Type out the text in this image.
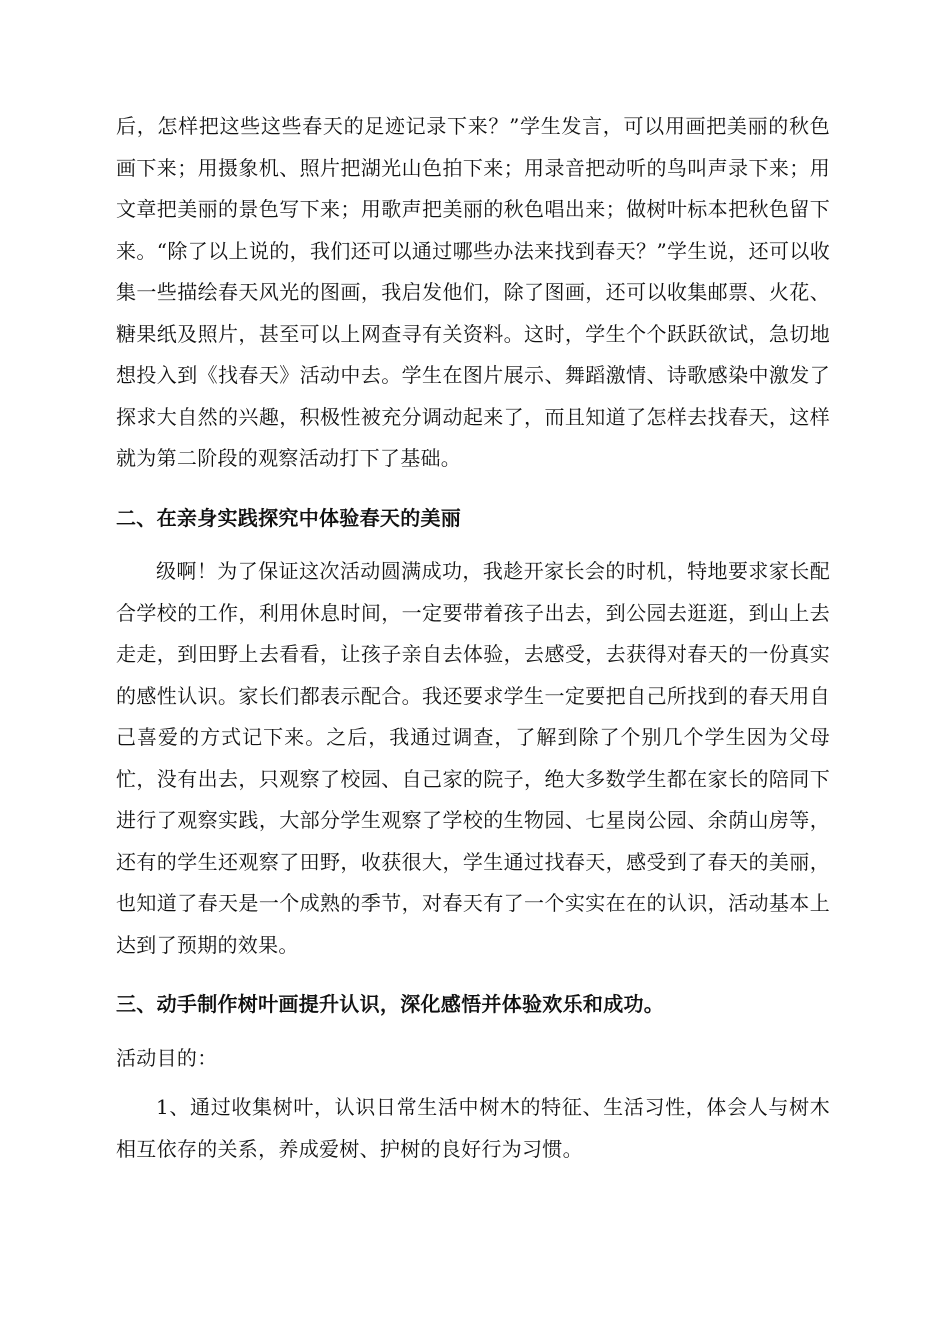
后，怎样把这些这些春天的足迹记录下来？”学生发言，可以用画把美丽的秋色画下来；用摄象机、照片把湖光山色拍下来；用录音把动听的鸟叫声录下来；用文章把美丽的景色写下来；用歌声把美丽的秋色唱出来；做树叶标本把秋色留下来。“除了以上说的，我们还可以通过哪些办法来找到春天？”学生说，还可以收集一些描绘春天风光的图画，我启发他们，除了图画，还可以收集邮票、火花、糖果纸及照片，甚至可以上网查寻有关资料。这时，学生个个跃跃欲试，急切地想投入到《找春天》活动中去。学生在图片展示、舞蹈激情、诗歌感染中激发了探求大自然的兴趣，积极性被充分调动起来了，而且知道了怎样去找春天，这样就为第二阶段的观察活动打下了基础。

二、在亲身实践探究中体验春天的美丽

级啊！为了保证这次活动圆满成功，我趁开家长会的时机，特地要求家长配合学校的工作，利用休息时间，一定要带着孩子出去，到公园去逛逛，到山上去走走，到田野上去看看，让孩子亲自去体验，去感受，去获得对春天的一份真实的感性认识。家长们都表示配合。我还要求学生一定要把自己所找到的春天用自己喜爱的方式记下来。之后，我通过调查，了解到除了个别几个学生因为父母忙，没有出去，只观察了校园、自己家的院子，绝大多数学生都在家长的陪同下进行了观察实践，大部分学生观察了学校的生物园、七星岗公园、余荫山房等，还有的学生还观察了田野，收获很大，学生通过找春天，感受到了春天的美丽，也知道了春天是一个成熟的季节，对春天有了一个实实在在的认识，活动基本上达到了预期的效果。

三、动手制作树叶画提升认识，深化感悟并体验欢乐和成功。

活动目的：

1、通过收集树叶，认识日常生活中树木的特征、生活习性，体会人与树木相互依存的关系，养成爱树、护树的良好行为习惯。
